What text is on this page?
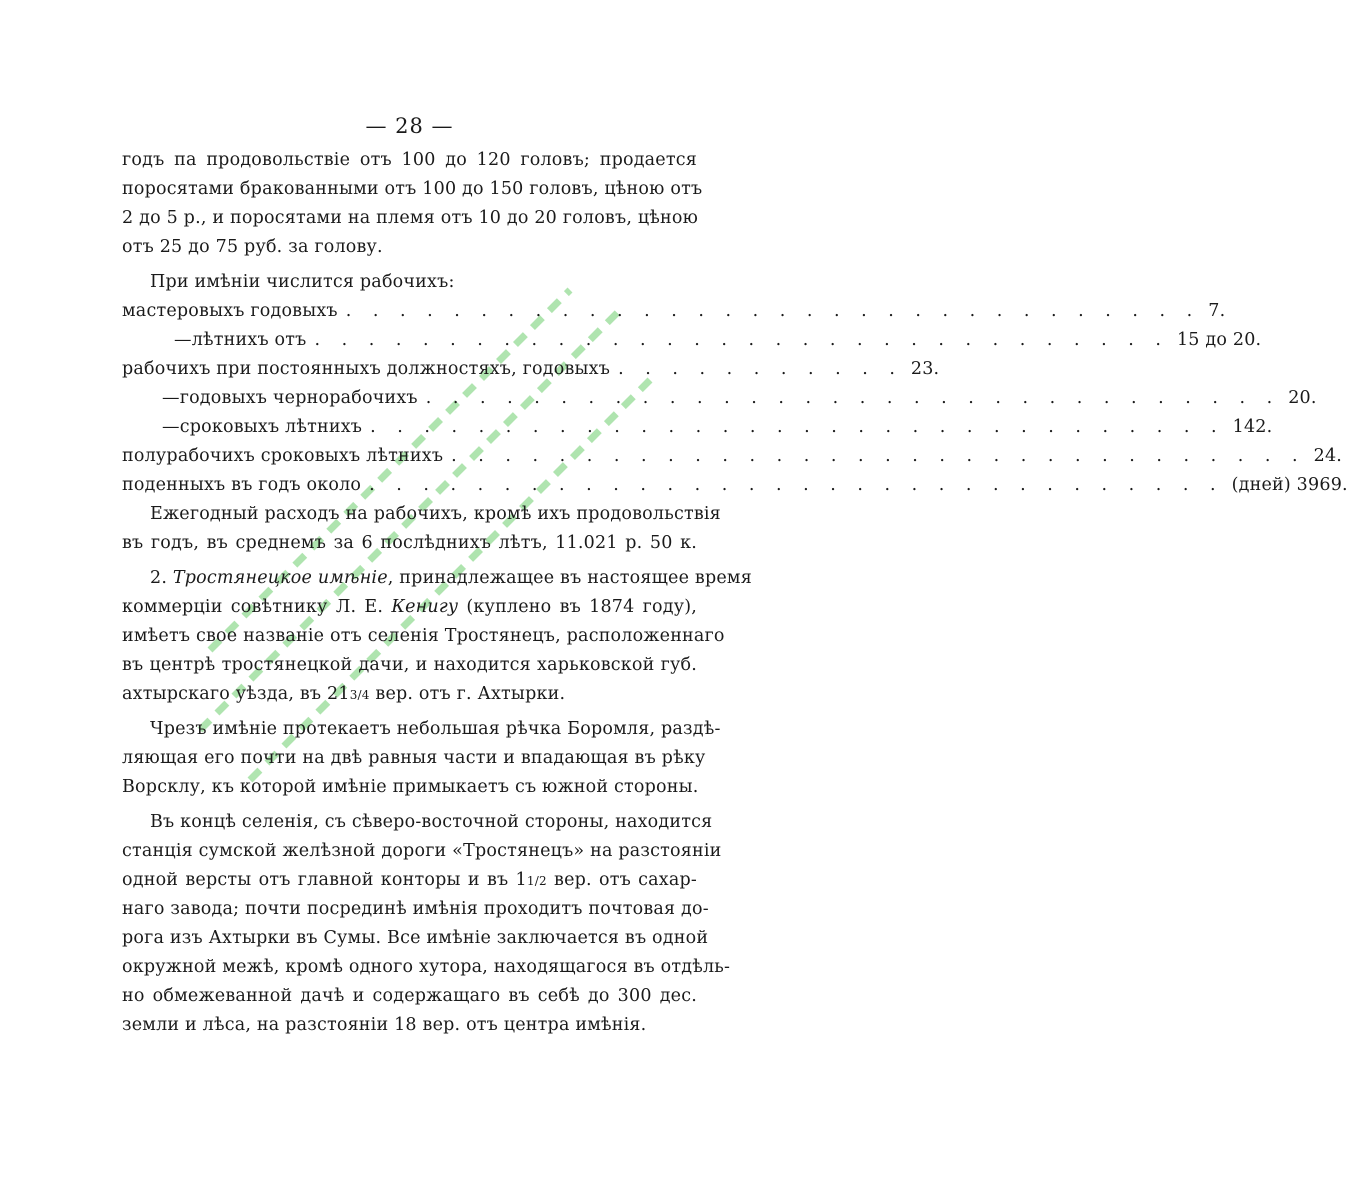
— 28 —
годъ па продовольствіе отъ 100 до 120 головъ; продается
поросятами бракованными отъ 100 до 150 головъ, цѣною отъ
2 до 5 р., и поросятами на племя отъ 10 до 20 головъ, цѣною
отъ 25 до 75 руб. за голову.
При имѣніи числится рабочихъ:
мастеровыхъ годовыхъ . . . . . . . . . . . . . . . . . . . . . . . . . . . . . . . . 7.
— лѣтнихъ отъ . . . . . . . . . . . . . . . . . . . . . . . . . . . . . . . . 15 до 20.
рабочихъ при постоянныхъ должностяхъ, годовыхъ . . . . . . . . . . . 23.
— годовыхъ чернорабочихъ . . . . . . . . . . . . . . . . . . . . . . . . . . . . . . . . 20.
— сроковыхъ лѣтнихъ . . . . . . . . . . . . . . . . . . . . . . . . . . . . . . . . 142.
полурабочихъ сроковыхъ лѣтнихъ . . . . . . . . . . . . . . . . . . . . . . . . . . . . . . . . 24.
поденныхъ въ годъ около . . . . . . . . . . . . . . . . . . . . . . . . . . . . . . . . (дней) 3969.
Ежегодный расходъ на рабочихъ, кромѣ ихъ продовольствія
въ годъ, въ среднемъ за 6 послѣднихъ лѣтъ, 11.021 р. 50 к.
2. Тростянецкое имѣніе, принадлежащее въ настоящее время
коммерціи совѣтнику Л. Е. Кенигу (куплено въ 1874 году),
имѣетъ свое названіе отъ селенія Тростянецъ, расположеннаго
въ центрѣ тростянецкой дачи, и находится харьковской губ.
ахтырскаго уѣзда, въ 213/4 вер. отъ г. Ахтырки.
Чрезъ имѣніе протекаетъ небольшая рѣчка Боромля, раздѣ-
ляющая его почти на двѣ равныя части и впадающая въ рѣку
Ворсклу, къ которой имѣніе примыкаетъ съ южной стороны.
Въ концѣ селенія, съ сѣверо-восточной стороны, находится
станція сумской желѣзной дороги «Тростянецъ» на разстояніи
одной версты отъ главной конторы и въ 11/2 вер. отъ сахар-
наго завода; почти посрединѣ имѣнія проходитъ почтовая до-
рога изъ Ахтырки въ Сумы. Все имѣніе заключается въ одной
окружной межѣ, кромѣ одного хутора, находящагося въ отдѣль-
но обмежеванной дачѣ и содержащаго въ себѣ до 300 дес.
земли и лѣса, на разстояніи 18 вер. отъ центра имѣнія.
